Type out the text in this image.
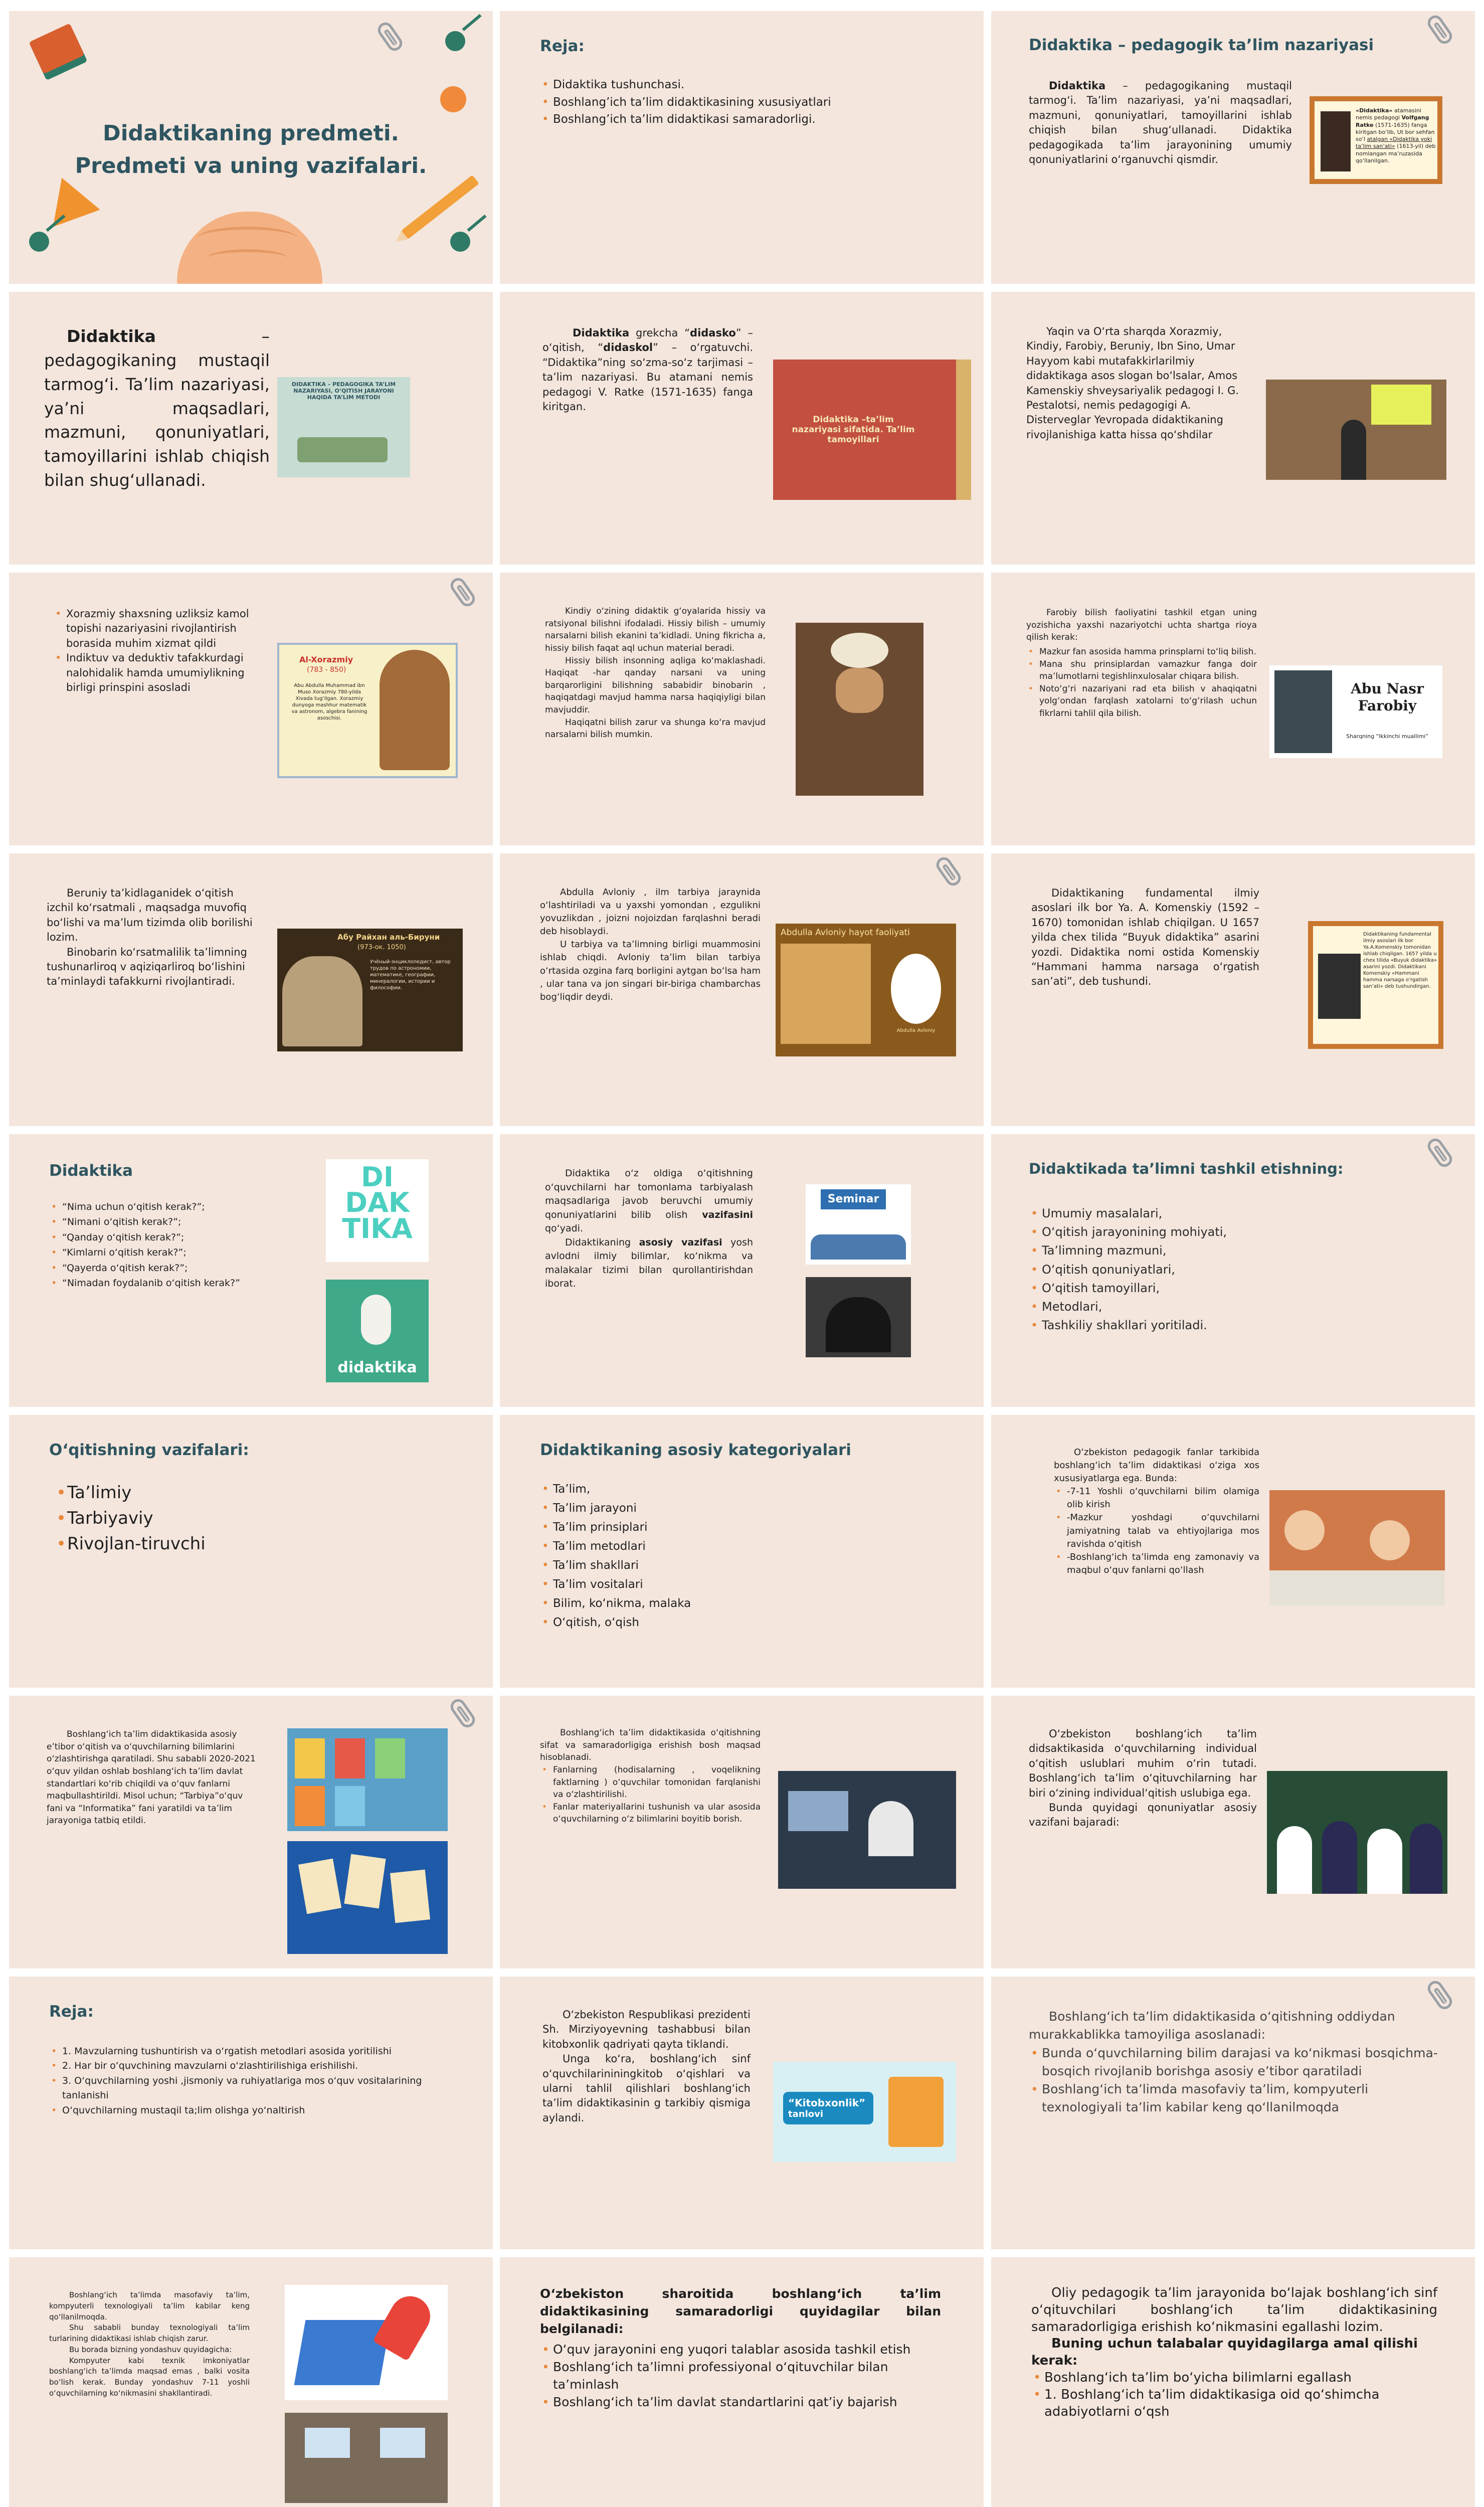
Didaktikaning predmeti.
Predmeti va uning vazifalari.
Reja:
• Didaktika tushunchasi.
• Boshlang’ich ta’lim didaktikasining xususiyatlari
• Boshlang’ich ta’lim didaktikasi samaradorligi.
Didaktika – pedagogik ta’lim nazariyasi
Didaktika – pedagogikaning mustaqil tarmog‘i. Ta’lim nazariyasi, ya’ni maqsadlari, mazmuni, qonuniyatlari, tamoyillarini ishlab chiqish bilan shug‘ullanadi. Didaktika pedagogikada ta’lim jarayonining umumiy qonuniyatlarini o‘rganuvchi qismdir.
«Didaktika» atamasini nemis pedagogi Volfgang Ratke (1571-1635) fanga kiritgan bo‘lib, Ut bor sehfan so‘l atalgan «Didaktika yoki ta’lim san’ati» (1613-yil) deb nomlangan ma’ruzasida qo‘llanilgan.
Didaktika – pedagogikaning mustaqil tarmog‘i. Ta’lim nazariyasi, ya’ni maqsadlari, mazmuni, qonuniyatlari, tamoyillarini ishlab chiqish bilan shug‘ullanadi.
DIDAKTIKA – PEDAGOGIKA TA’LIM NAZARIYASI, O‘QITISH JARAYONI HAQIDA TA’LIM METODI
Didaktika grekcha “didasko” – o‘qitish, “didaskol” – o‘rgatuvchi. “Didaktika”ning so‘zma-so‘z tarjimasi – ta’lim nazariyasi. Bu atamani nemis pedagogi V. Ratke (1571-1635) fanga kiritgan.
Didaktika –ta’lim nazariyasi sifatida. Ta’lim tamoyillari
Yaqin va O‘rta sharqda Xorazmiy, Kindiy, Farobiy, Beruniy, Ibn Sino, Umar Hayyom kabi mutafakkirlarilmiy didaktikaga asos slogan bo‘lsalar, Amos Kamenskiy shveysariyalik pedagogi I. G. Pestalotsi, nemis pedagogigi A. Disterveglar Yevropada didaktikaning rivojlanishiga katta hissa qo‘shdilar
• Xorazmiy shaxsning uzliksiz kamol topishi nazariyasini rivojlantirish borasida muhim xizmat qildi
• Indiktuv va deduktiv tafakkurdagi nalohidalik hamda umumiylikning birligi prinspini asosladi
Al-Xorazmiy
(783 - 850)
Abu Abdulla Muhammad ibn Muso Xorazmiy 780-yilda Xivada tug‘ilgan. Xorazmiy dunyoga mashhur matematik va astronom, algebra fanining asoschisi.
Kindiy o‘zining didaktik g‘oyalarida hissiy va ratsiyonal bilishni ifodaladi. Hissiy bilish – umumiy narsalarni bilish ekanini ta’kidladi. Uning fikricha a, hissiy bilish faqat aql uchun material beradi.
Hissiy bilish insonning aqliga ko‘maklashadi. Haqiqat -har qanday narsani va uning barqarorligini bilishning sababidir binobarin , haqiqatdagi mavjud hamma narsa haqiqiyligi bilan mavjuddir.
Haqiqatni bilish zarur va shunga ko‘ra mavjud narsalarni bilish mumkin.
Farobiy bilish faoliyatini tashkil etgan uning yozishicha yaxshi nazariyotchi uchta shartga rioya qilish kerak:
• Mazkur fan asosida hamma prinsplarni to‘liq bilish.
• Mana shu prinsiplardan vamazkur fanga doir ma’lumotlarni tegishlinxulosalar chiqara bilish.
• Noto‘g‘ri nazariyani rad eta bilish v ahaqiqatni yolg‘ondan farqlash xatolarni to‘g‘rilash uchun fikrlarni tahlil qila bilish.
Abu Nasr Farobiy
Sharqning “Ikkinchi muallimi”
Beruniy ta’kidlaganidek o‘qitish izchil ko‘rsatmali , maqsadga muvofiq bo‘lishi va ma’lum tizimda olib borilishi lozim.
Binobarin ko‘rsatmalilik ta’limning tushunarliroq v aqiziqarliroq bo‘lishini ta’minlaydi tafakkurni rivojlantiradi.
Абу Райхан аль-Бируни
(973-ок. 1050)
Учёный-энциклопедист, автор трудов по астрономии, математике, географии, минералогии, истории и философии.
Abdulla Avloniy , ilm tarbiya jaraynida o‘lashtiriladi va u yaxshi yomondan , ezgulikni yovuzlikdan , joizni nojoizdan farqlashni beradi deb hisoblaydi.
U tarbiya va ta’limning birligi muammosini ishlab chiqdi. Avloniy ta’lim bilan tarbiya o‘rtasida ozgina farq borligini aytgan bo‘lsa ham , ular tana va jon singari bir-biriga chambarchas bog‘liqdir deydi.
Abdulla Avloniy hayot faoliyati
Abdulla Avloniy
Didaktikaning fundamental ilmiy asoslari ilk bor Ya. A. Komenskiy (1592 – 1670) tomonidan ishlab chiqilgan. U 1657 yilda chex tilida “Buyuk didaktika” asarini yozdi. Didaktika nomi ostida Komenskiy “Hammani hamma narsaga o‘rgatish san’ati”, deb tushundi.
Didaktikaning fundamental ilmiy asoslari ilk bor Ya.A.Komenskiy tomonidan ishlab chiqilgan. 1657 yilda u chex tilida «Buyuk didaktika» asarini yozdi. Didaktikani Komenskiy «Hammani hamma narsaga o‘rgatish san’ati» deb tushundirgan.
Didaktika
• “Nima uchun o‘qitish kerak?”;
• “Nimani o‘qitish kerak?”;
• “Qanday o‘qitish kerak?”;
• “Kimlarni o‘qitish kerak?”;
• “Qayerda o‘qitish kerak?”;
• “Nimadan foydalanib o‘qitish kerak?”
DI
DAK
TIKA
didaktika
Didaktika o‘z oldiga o‘qitishning o‘quvchilarni har tomonlama tarbiyalash maqsadlariga javob beruvchi umumiy qonuniyatlarini bilib olish vazifasini qo‘yadi.
Didaktikaning asosiy vazifasi yosh avlodni ilmiy bilimlar, ko‘nikma va malakalar tizimi bilan qurollantirishdan iborat.
Seminar
Didaktikada ta’limni tashkil etishning:
• Umumiy masalalari,
• O‘qitish jarayonining mohiyati,
• Ta’limning mazmuni,
• O‘qitish qonuniyatlari,
• O‘qitish tamoyillari,
• Metodlari,
• Tashkiliy shakllari yoritiladi.
O‘qitishning vazifalari:
• Ta’limiy
• Tarbiyaviy
• Rivojlan-tiruvchi
Didaktikaning asosiy kategoriyalari
• Ta’lim,
• Ta’lim jarayoni
• Ta’lim prinsiplari
• Ta’lim metodlari
• Ta’lim shakllari
• Ta’lim vositalari
• Bilim, ko‘nikma, malaka
• O‘qitish, o‘qish
O‘zbekiston pedagogik fanlar tarkibida boshlang‘ich ta’lim didaktikasi o‘ziga xos xususiyatlarga ega. Bunda:
• -7-11 Yoshli o‘quvchilarni bilim olamiga olib kirish
• -Mazkur yoshdagi o‘quvchilarni jamiyatning talab va ehtiyojlariga mos ravishda o‘qitish
• -Boshlang‘ich ta’limda eng zamonaviy va maqbul o‘quv fanlarni qo‘llash
Boshlang‘ich ta’lim didaktikasida asosiy e’tibor o‘qitish va o‘quvchilarning bilimlarini o‘zlashtirishga qaratiladi. Shu sababli 2020-2021 o‘quv yildan oshlab boshlang‘ich ta’lim davlat standartlari ko‘rib chiqildi va o‘quv fanlarni maqbullashtirildi. Misol uchun; “Tarbiya”o‘quv fani va “Informatika” fani yaratildi va ta’lim jarayoniga tatbiq etildi.
Boshlang‘ich ta’lim didaktikasida o‘qitishning sifat va samaradorligiga erishish bosh maqsad hisoblanadi.
• Fanlarning (hodisalarning , voqelikning faktlarning ) o‘quvchilar tomonidan farqlanishi va o‘zlashtirilishi.
• Fanlar materiyallarini tushunish va ular asosida o‘quvchilarning o‘z bilimlarini boyitib borish.
O‘zbekiston boshlang‘ich ta’lim didsaktikasida o‘quvchilarning individual o‘qitish uslublari muhim o‘rin tutadi. Boshlang‘ich ta’lim o‘qituvchilarning har biri o‘zining individual‘qitish uslubiga ega.
Bunda quyidagi qonuniyatlar asosiy vazifani bajaradi:
Reja:
• 1. Mavzularning tushuntirish va o‘rgatish metodlari asosida yoritilishi
• 2. Har bir o‘quvchining mavzularni o‘zlashtirilishiga erishilishi.
• 3. O‘quvchilarning yoshi ,jismoniy va ruhiyatlariga mos o‘quv vositalarining tanlanishi
• O‘quvchilarning mustaqil ta;lim olishga yo‘naltirish
O‘zbekiston Respublikasi prezidenti Sh. Mirziyoyevning tashabbusi bilan kitobxonlik qadriyati qayta tiklandi.
Unga ko‘ra, boshlang‘ich sinf o‘quvchilarininingkitob o‘qishlari va ularni tahlil qilishlari boshlang‘ich ta’lim didaktikasinin g tarkibiy qismiga aylandi.
“Kitobxonlik”
tanlovi
Boshlang‘ich ta’lim didaktikasida o‘qitishning oddiydan murakkablikka tamoyiliga asoslanadi:
• Bunda o‘quvchilarning bilim darajasi va ko‘nikmasi bosqichma-bosqich rivojlanib borishga asosiy e’tibor qaratiladi
• Boshlang‘ich ta’limda masofaviy ta’lim, kompyuterli texnologiyali ta’lim kabilar keng qo‘llanilmoqda
Boshlang‘ich ta’limda masofaviy ta’lim, kompyuterli texnologiyali ta’lim kabilar keng qo‘llanilmoqda.
Shu sababli bunday texnologiyali ta’lim turlarining didaktikasi ishlab chiqish zarur.
Bu borada bizning yondashuv quyidagicha:
Kompyuter kabi texnik imkoniyatlar boshlang‘ich ta’limda maqsad emas , balki vosita bo‘lish kerak. Bunday yondashuv 7-11 yoshli o‘quvchilarning ko‘nikmasini shakllantiradi.
O‘zbekiston sharoitida boshlang‘ich ta’lim didaktikasining samaradorligi quyidagilar bilan belgilanadi:
• O‘quv jarayonini eng yuqori talablar asosida tashkil etish
• Boshlang‘ich ta’limni professiyonal o‘qituvchilar bilan ta’minlash
• Boshlang‘ich ta’lim davlat standartlarini qat’iy bajarish
Oliy pedagogik ta’lim jarayonida bo‘lajak boshlang‘ich sinf o‘qituvchilari boshlang‘ich ta’lim didaktikasining samaradorligiga erishish ko‘nikmasini egallashi lozim.
Buning uchun talabalar quyidagilarga amal qilishi kerak:
• Boshlang‘ich ta’lim bo‘yicha bilimlarni egallash
• 1. Boshlang‘ich ta’lim didaktikasiga oid qo‘shimcha adabiyotlarni o‘qsh
